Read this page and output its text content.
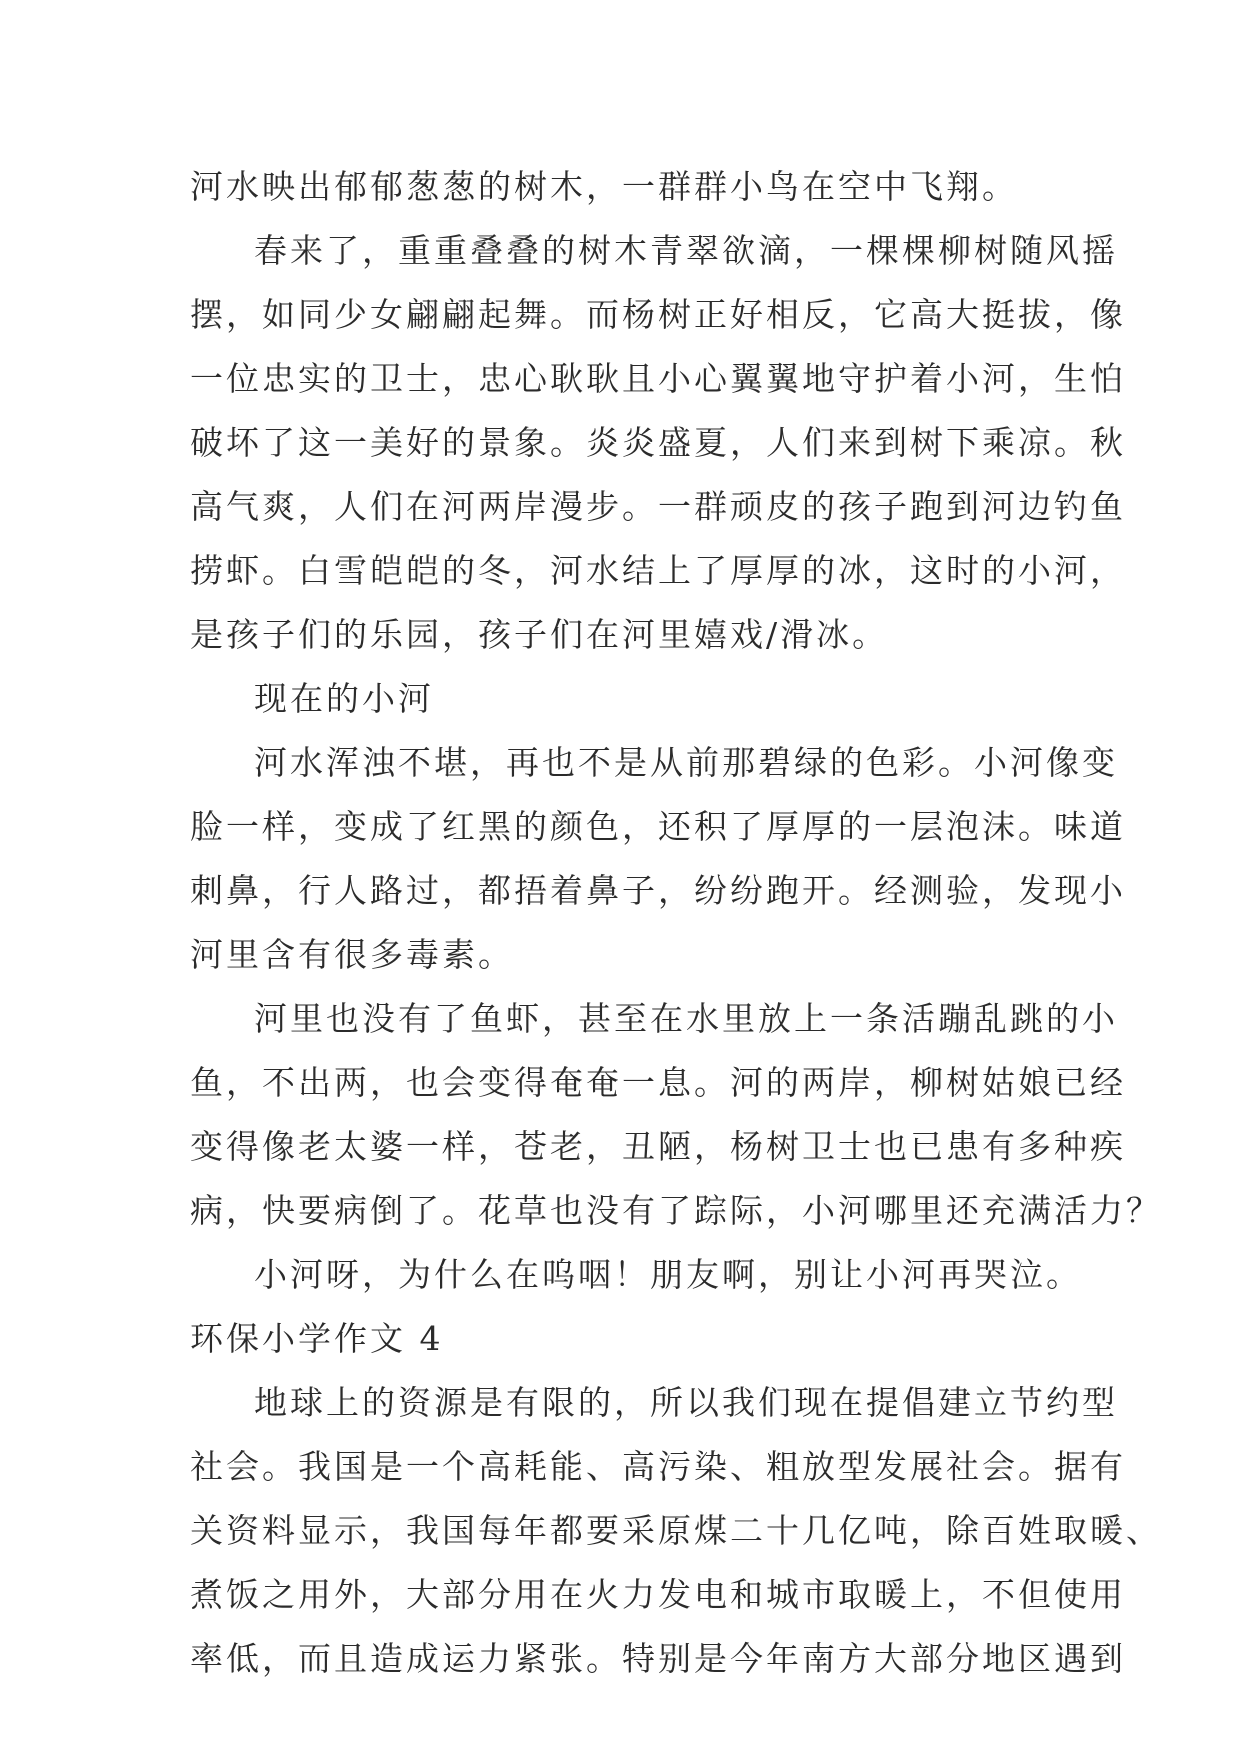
河水映出郁郁葱葱的树木，一群群小鸟在空中飞翔。
春来了，重重叠叠的树木青翠欲滴，一棵棵柳树随风摇
摆，如同少女翩翩起舞。而杨树正好相反，它高大挺拔，像
一位忠实的卫士，忠心耿耿且小心翼翼地守护着小河，生怕
破坏了这一美好的景象。炎炎盛夏，人们来到树下乘凉。秋
高气爽，人们在河两岸漫步。一群顽皮的孩子跑到河边钓鱼
捞虾。白雪皑皑的冬，河水结上了厚厚的冰，这时的小河，
是孩子们的乐园，孩子们在河里嬉戏/滑冰。
现在的小河
河水浑浊不堪，再也不是从前那碧绿的色彩。小河像变
脸一样，变成了红黑的颜色，还积了厚厚的一层泡沫。味道
刺鼻，行人路过，都捂着鼻子，纷纷跑开。经测验，发现小
河里含有很多毒素。
河里也没有了鱼虾，甚至在水里放上一条活蹦乱跳的小
鱼，不出两，也会变得奄奄一息。河的两岸，柳树姑娘已经
变得像老太婆一样，苍老，丑陋，杨树卫士也已患有多种疾
病，快要病倒了。花草也没有了踪际，小河哪里还充满活力？
小河呀，为什么在呜咽！朋友啊，别让小河再哭泣。
环保小学作文 4
地球上的资源是有限的，所以我们现在提倡建立节约型
社会。我国是一个高耗能、高污染、粗放型发展社会。据有
关资料显示，我国每年都要采原煤二十几亿吨，除百姓取暖、
煮饭之用外，大部分用在火力发电和城市取暖上，不但使用
率低，而且造成运力紧张。特别是今年南方大部分地区遇到
